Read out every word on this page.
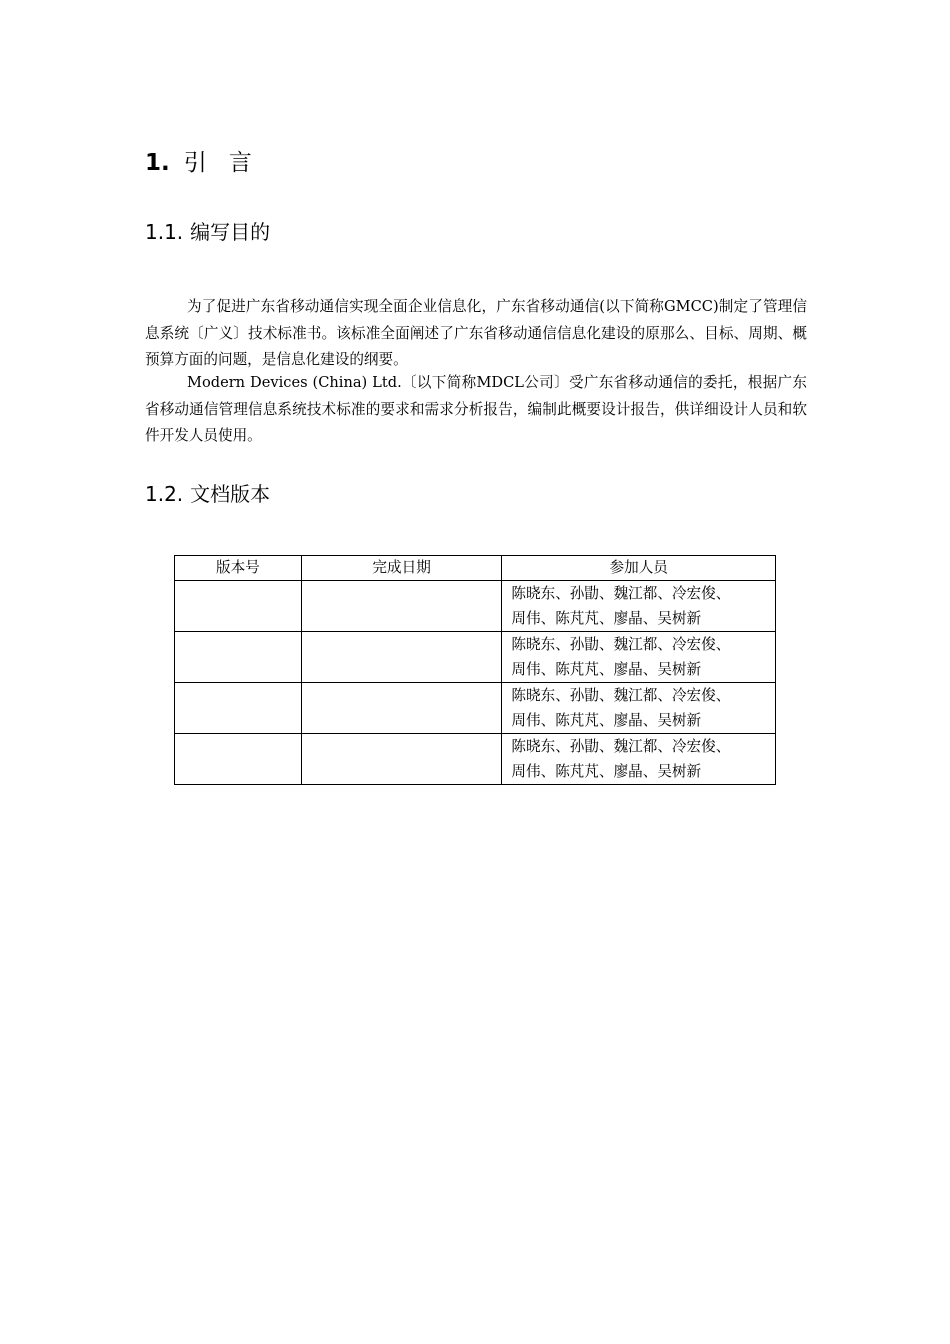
1. 引言
1.1. 编写目的

为了促进广东省移动通信实现全面企业信息化，广东省移动通信(以下简称GMCC)制定了管理信息系统〔广义〕技术标准书。该标准全面阐述了广东省移动通信信息化建设的原那么、目标、周期、概预算方面的问题，是信息化建设的纲要。

Modern Devices (China) Ltd.〔以下简称MDCL公司〕受广东省移动通信的委托，根据广东省移动通信管理信息系统技术标准的要求和需求分析报告，编制此概要设计报告，供详细设计人员和软件开发人员使用。

1.2. 文档版本
版本号	完成日期	参加人员

		陈晓东、孙勖、魏江都、冷宏俊、
周伟、陈芃芃、廖晶、吴树新

		陈晓东、孙勖、魏江都、冷宏俊、
周伟、陈芃芃、廖晶、吴树新

		陈晓东、孙勖、魏江都、冷宏俊、
周伟、陈芃芃、廖晶、吴树新

		陈晓东、孙勖、魏江都、冷宏俊、
周伟、陈芃芃、廖晶、吴树新
